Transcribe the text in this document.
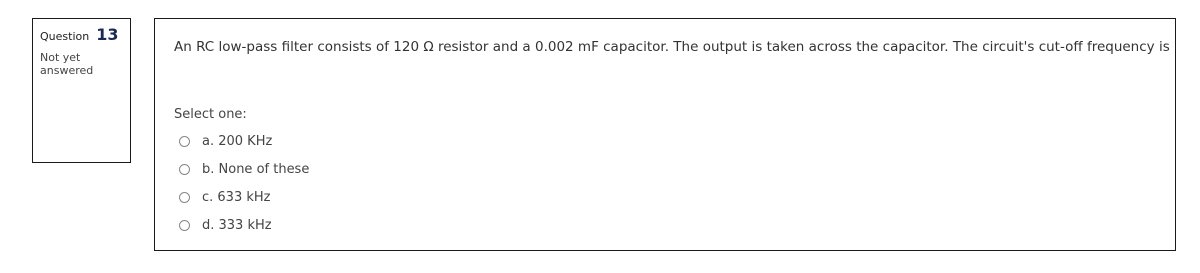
Question 13
Not yet answered
An RC low-pass filter consists of 120 Ω resistor and a 0.002 mF capacitor. The output is taken across the capacitor. The circuit's cut-off frequency is
Select one:
a. 200 KHz
b. None of these
c. 633 kHz
d. 333 kHz
